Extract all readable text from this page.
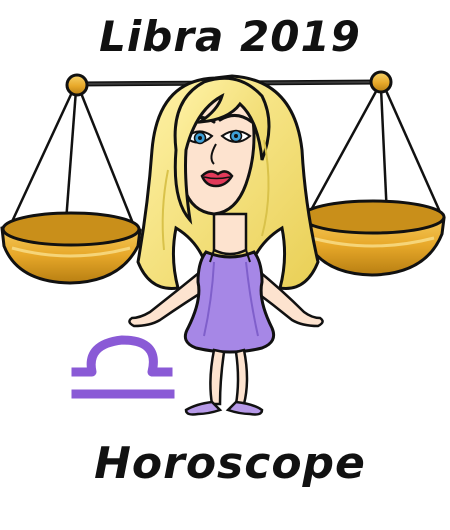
Libra 2019
Horoscope
